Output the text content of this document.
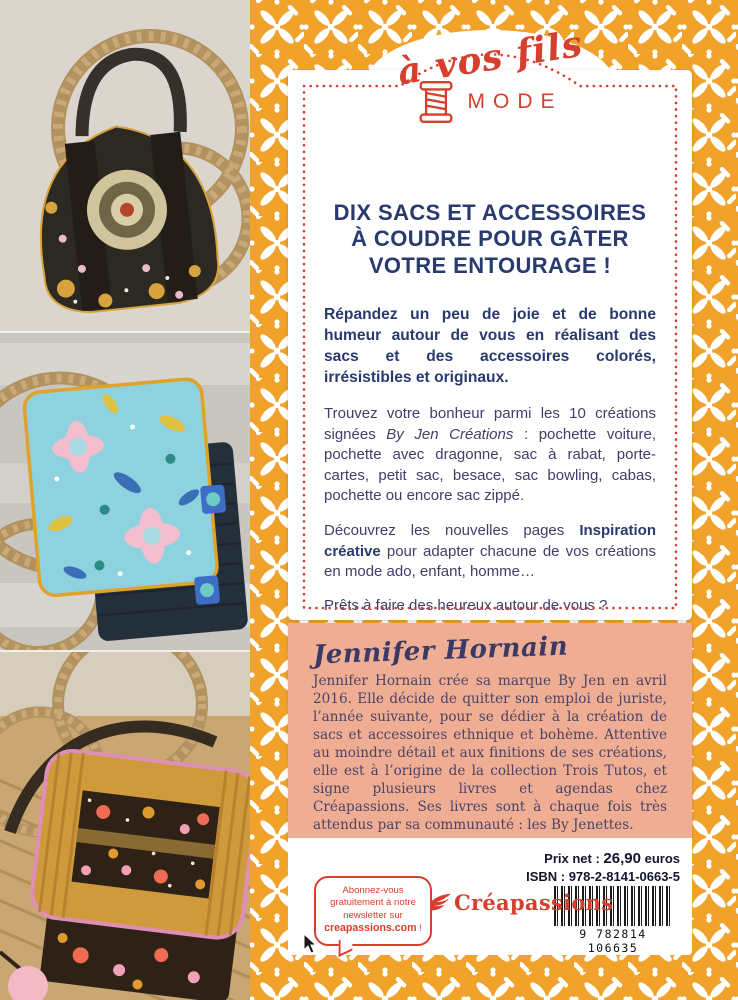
DIX SACS ET ACCESSOIRES
À COUDRE POUR GÂTER
VOTRE ENTOURAGE !

Répandez un peu de joie et de bonne humeur autour de vous en réalisant des sacs et des accessoires colorés, irrésistibles et originaux.

Trouvez votre bonheur parmi les 10 créations signées By Jen Créations : pochette voiture, pochette avec dragonne, sac à rabat, porte-cartes, petit sac, besace, sac bowling, cabas, pochette ou encore sac zippé.

Découvrez les nouvelles pages Inspiration créative pour adapter chacune de vos créations en mode ado, enfant, homme…

Prêts à faire des heureux autour de vous ?

à vos fils
MODE
Jennifer Hornain

Jennifer Hornain crée sa marque By Jen en avril 2016. Elle décide de quitter son emploi de juriste, l’année suivante, pour se dédier à la création de sacs et accessoires ethnique et bohème. Attentive au moindre détail et aux finitions de ses créations, elle est à l’origine de la collection Trois Tutos, et signe plusieurs livres et agendas chez Créapassions. Ses livres sont à chaque fois très attendus par sa communauté : les By Jenettes.

Prix net : 26,90 euros
ISBN : 978-2-8141-0663-5
9 782814 106635
Créapassions
Abonnez-vous gratuitement à notre newsletter sur creapassions.com !
